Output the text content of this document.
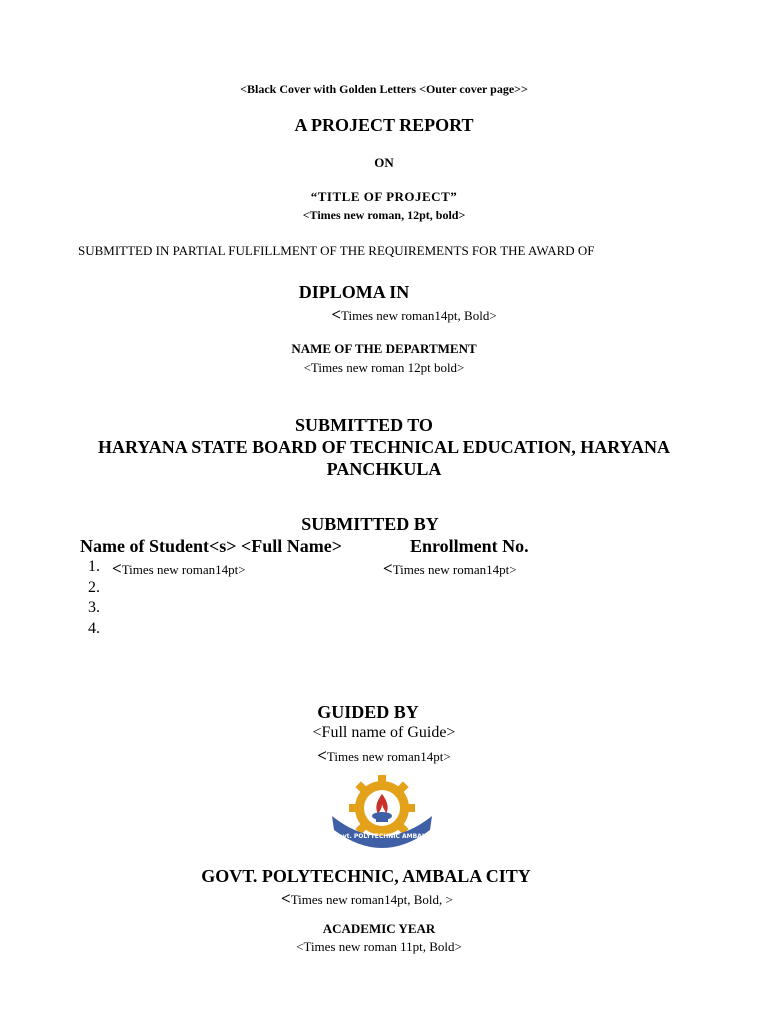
<Black Cover with Golden Letters <Outer cover page>>
A PROJECT REPORT
ON
“TITLE OF PROJECT”
<Times new roman, 12pt, bold>
SUBMITTED IN PARTIAL FULFILLMENT OF THE REQUIREMENTS FOR THE AWARD OF
DIPLOMA IN
<Times new roman14pt, Bold>
NAME OF THE DEPARTMENT
<Times new roman 12pt bold>
SUBMITTED TO
HARYANA STATE BOARD OF TECHNICAL EDUCATION, HARYANA
PANCHKULA
SUBMITTED BY
Name of Student<s> <Full Name>	Enrollment No.
1. <Times new roman14pt>	<Times new roman14pt>
2.
3.
4.
GUIDED BY
<Full name of Guide>
<Times new roman14pt>
Govt. POLYTECHNIC AMBALA
GOVT. POLYTECHNIC, AMBALA CITY
<Times new roman14pt, Bold, >
ACADEMIC YEAR
<Times new roman 11pt, Bold>
